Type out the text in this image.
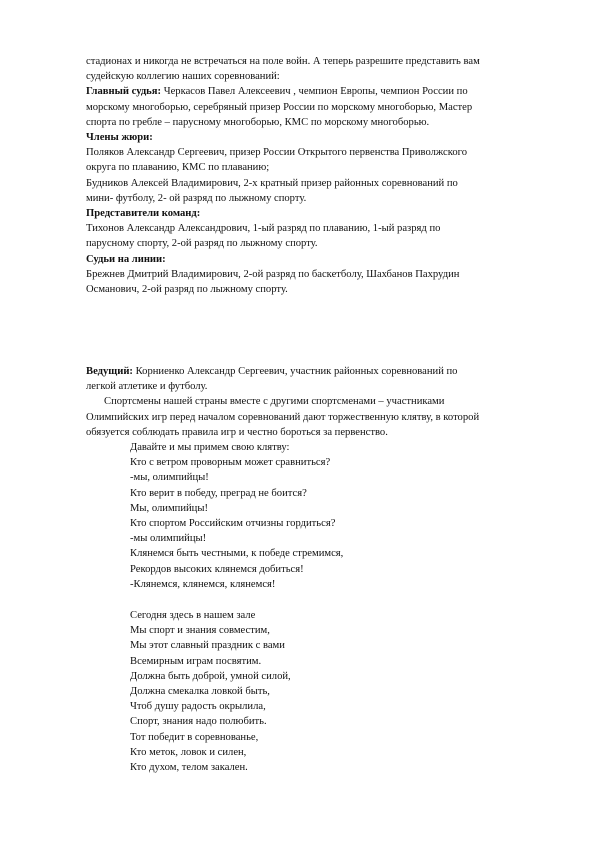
стадионах и никогда не встречаться на поле войн. А теперь разрешите представить вам
судейскую коллегию наших соревнований:
Главный судья: Черкасов Павел Алексеевич , чемпион Европы, чемпион России по
морскому многоборью, серебряный призер России по морскому многоборью, Мастер
спорта по гребле – парусному многоборью, КМС по морскому многоборью.
Члены жюри:
Поляков Александр Сергеевич, призер России Открытого первенства Приволжского
округа по плаванию, КМС по плаванию;
Будников Алексей Владимирович, 2-х кратный призер районных соревнований по
мини- футболу, 2- ой разряд по лыжному спорту.
Представители команд:
Тихонов Александр Александрович, 1-ый разряд по плаванию, 1-ый разряд по
парусному спорту, 2-ой разряд по лыжному спорту.
Судьи на линии:
Брежнев Дмитрий Владимирович, 2-ой разряд по баскетболу, Шахбанов Пахрудин
Османович, 2-ой разряд по лыжному спорту.
Ведущий: Корниенко Александр Сергеевич, участник районных соревнований по
легкой атлетике и футболу.
Спортсмены нашей страны вместе с другими спортсменами – участниками
Олимпийских игр перед началом соревнований дают торжественную клятву, в которой
обязуется соблюдать правила игр и честно бороться за первенство.
Давайте и мы примем свою клятву:
Кто с ветром проворным может сравниться?
-мы, олимпийцы!
Кто верит в победу, преград не боится?
Мы, олимпийцы!
Кто спортом Российским отчизны гордиться?
-мы олимпийцы!
Клянемся быть честными, к победе стремимся,
Рекордов высоких клянемся добиться!
-Клянемся, клянемся, клянемся!
Сегодня здесь в нашем зале
Мы спорт и знания совместим,
Мы этот славный праздник с вами
Всемирным играм посвятим.
Должна быть доброй, умной силой,
Должна смекалка ловкой быть,
Чтоб душу радость окрылила,
Спорт, знания надо полюбить.
Тот победит в соревнованье,
Кто меток, ловок и силен,
Кто духом, телом закален.
